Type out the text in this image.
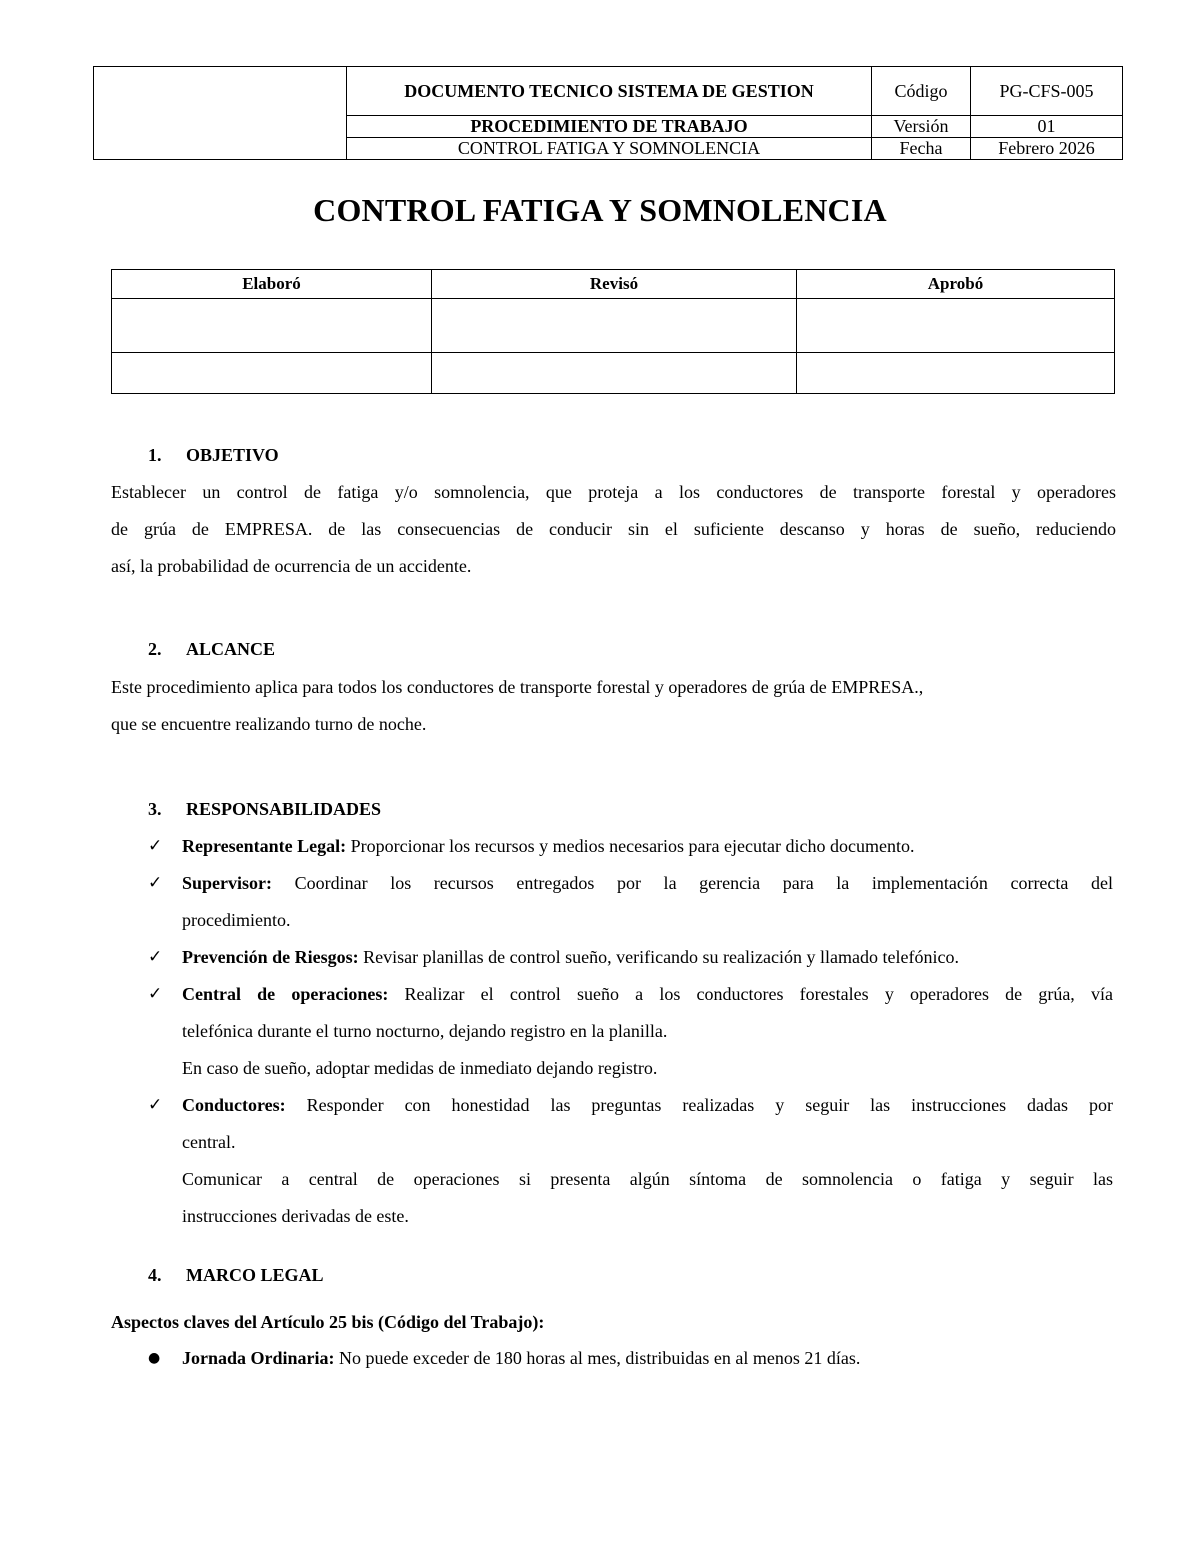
	DOCUMENTO TECNICO SISTEMA DE GESTION	Código	PG-CFS-005
	PROCEDIMIENTO DE TRABAJO	Versión	01
	CONTROL FATIGA Y SOMNOLENCIA	Fecha	Febrero 2026
CONTROL FATIGA Y SOMNOLENCIA
Elaboró	Revisó	Aprobó

1. OBJETIVO
Establecer un control de fatiga y/o somnolencia, que proteja a los conductores de transporte forestal y operadores
de grúa de EMPRESA. de las consecuencias de conducir sin el suficiente descanso y horas de sueño, reduciendo
así, la probabilidad de ocurrencia de un accidente.
2. ALCANCE
Este procedimiento aplica para todos los conductores de transporte forestal y operadores de grúa de EMPRESA.,
que se encuentre realizando turno de noche.
3. RESPONSABILIDADES
✓	Representante Legal: Proporcionar los recursos y medios necesarios para ejecutar dicho documento.
✓	Supervisor: Coordinar los recursos entregados por la gerencia para la implementación correcta del
procedimiento.
✓	Prevención de Riesgos: Revisar planillas de control sueño, verificando su realización y llamado telefónico.
✓	Central de operaciones: Realizar el control sueño a los conductores forestales y operadores de grúa, vía
telefónica durante el turno nocturno, dejando registro en la planilla.
En caso de sueño, adoptar medidas de inmediato dejando registro.
✓	Conductores: Responder con honestidad las preguntas realizadas y seguir las instrucciones dadas por
central.
Comunicar a central de operaciones si presenta algún síntoma de somnolencia o fatiga y seguir las
instrucciones derivadas de este.
4. MARCO LEGAL
Aspectos claves del Artículo 25 bis (Código del Trabajo):
● Jornada Ordinaria: No puede exceder de 180 horas al mes, distribuidas en al menos 21 días.
